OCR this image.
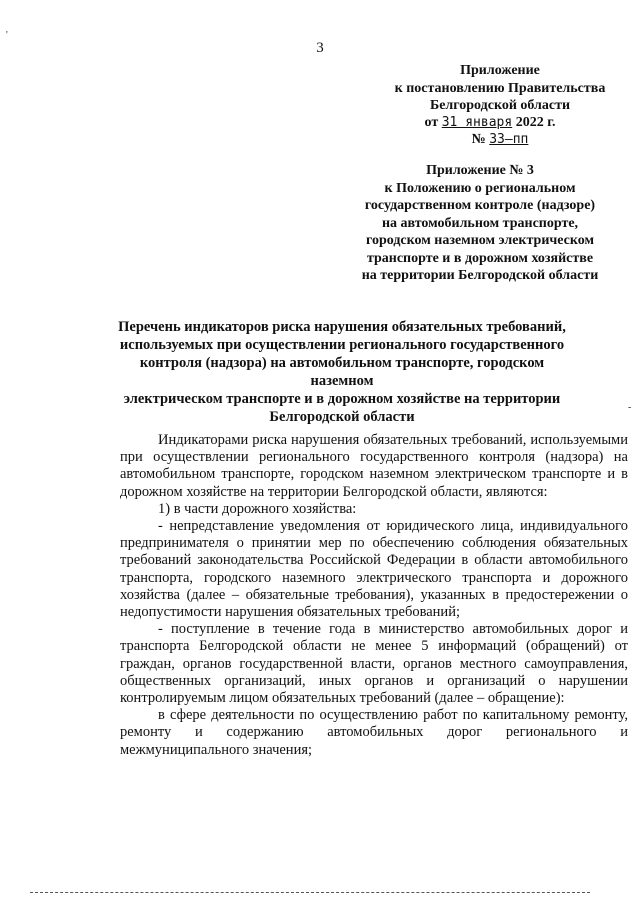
3
Приложение
к постановлению Правительства
Белгородской области
от 31 января 2022 г.
№ 33–пп
Приложение № 3
к Положению о региональном
государственном контроле (надзоре)
на автомобильном транспорте,
городском наземном электрическом
транспорте и в дорожном хозяйстве
на территории Белгородской области
Перечень индикаторов риска нарушения обязательных требований,
используемых при осуществлении регионального государственного
контроля (надзора) на автомобильном транспорте, городском наземном
электрическом транспорте и в дорожном хозяйстве на территории
Белгородской области

Индикаторами риска нарушения обязательных требований, используемыми при осуществлении регионального государственного контроля (надзора) на автомобильном транспорте, городском наземном электрическом транспорте и в дорожном хозяйстве на территории Белгородской области, являются:

1) в части дорожного хозяйства:

- непредставление уведомления от юридического лица, индивидуального предпринимателя о принятии мер по обеспечению соблюдения обязательных требований законодательства Российской Федерации в области автомобильного транспорта, городского наземного электрического транспорта и дорожного хозяйства (далее – обязательные требования), указанных в предостережении о недопустимости нарушения обязательных требований;

- поступление в течение года в министерство автомобильных дорог и транспорта Белгородской области не менее 5 информаций (обращений) от граждан, органов государственной власти, органов местного самоуправления, общественных организаций, иных органов и организаций о нарушении контролируемым лицом обязательных требований (далее – обращение):

в сфере деятельности по осуществлению работ по капитальному ремонту, ремонту и содержанию автомобильных дорог регионального и межмуниципального значения;

'
-
